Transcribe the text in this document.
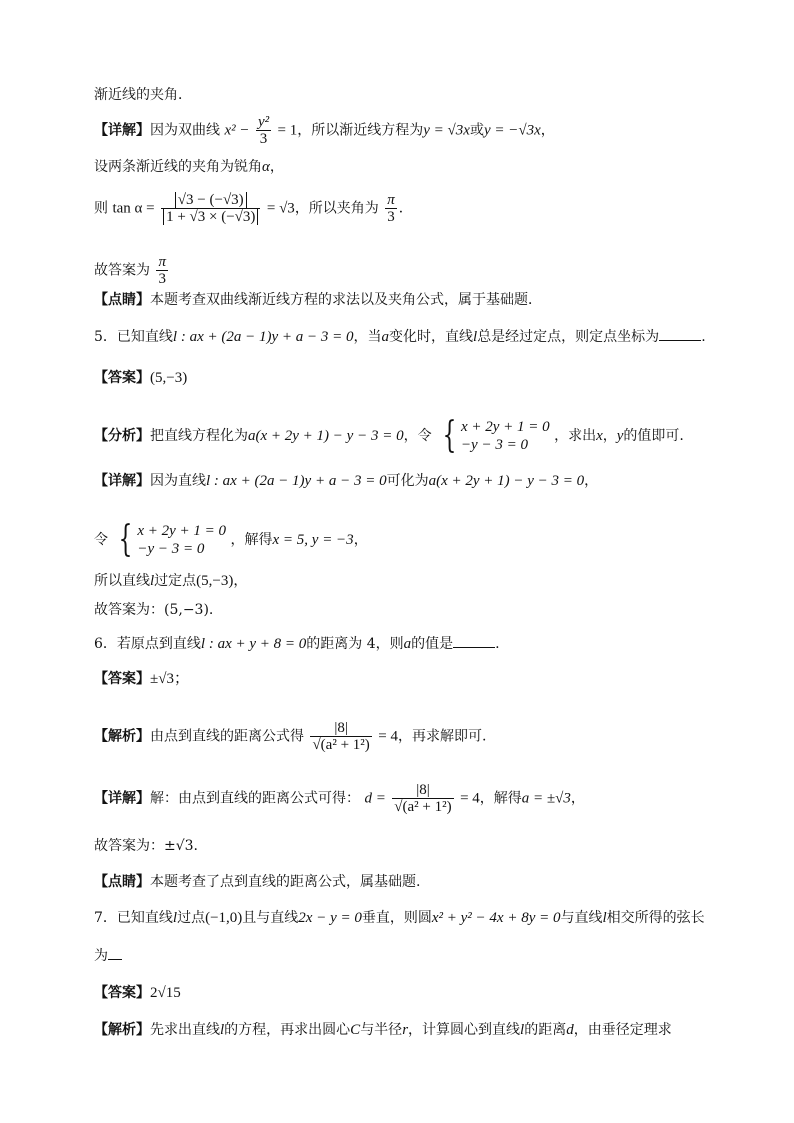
渐近线的夹角．
【详解】因为双曲线 $x^2 - \frac{\text{y²}}{3} = 1$，所以渐近线方程为y = √3x或y = −√3x，
设两条渐近线的夹角为锐角α，
则 $\tan \alpha = \frac{√3 - (-√3)}{1 + √3 \times (-√3)} = √3$，所以夹角为 $\frac{\pi}{3}$ ．
故答案为 $\frac{\pi}{3}$
【点睛】本题考查双曲线渐近线方程的求法以及夹角公式，属于基础题．
5．已知直线l : ax + (2a − 1)y + a − 3 = 0，当a变化时，直线l总是经过定点，则定点坐标为	.
【答案】(5,−3)
【分析】把直线方程化为a(x + 2y + 1) − y − 3 = 0，令 { x + 2y + 1 = 0
−y − 3 = 0
，求出x，y的值即可.
【详解】因为直线l : ax + (2a − 1)y + a − 3 = 0可化为a(x + 2y + 1) − y − 3 = 0，
令 { x + 2y + 1 = 0
−y − 3 = 0
，解得x = 5, y = −3，
所以直线l过定点(5,−3)，
故答案为：(5,−3).
6．若原点到直线l : ax + y + 8 = 0的距离为 4，则a的值是	.
【答案】±√3；
【解析】由点到直线的距离公式得 $\frac{|8|}{\text{√(a² + 1²)}} = 4$，再求解即可.
【详解】解：由点到直线的距离公式可得： $d = \frac{|8|}{\text{√(a² + 1²)}} = 4$，解得a = ±√3，
故答案为：±√3.
【点睛】本题考查了点到直线的距离公式，属基础题.
7．已知直线l过点(−1,0)且与直线2x − y = 0垂直，则圆x² + y² − 4x + 8y = 0与直线l相交所得的弦长
为
【答案】2√15
【解析】先求出直线l的方程，再求出圆心C与半径r，计算圆心到直线l的距离d，由垂径定理求
